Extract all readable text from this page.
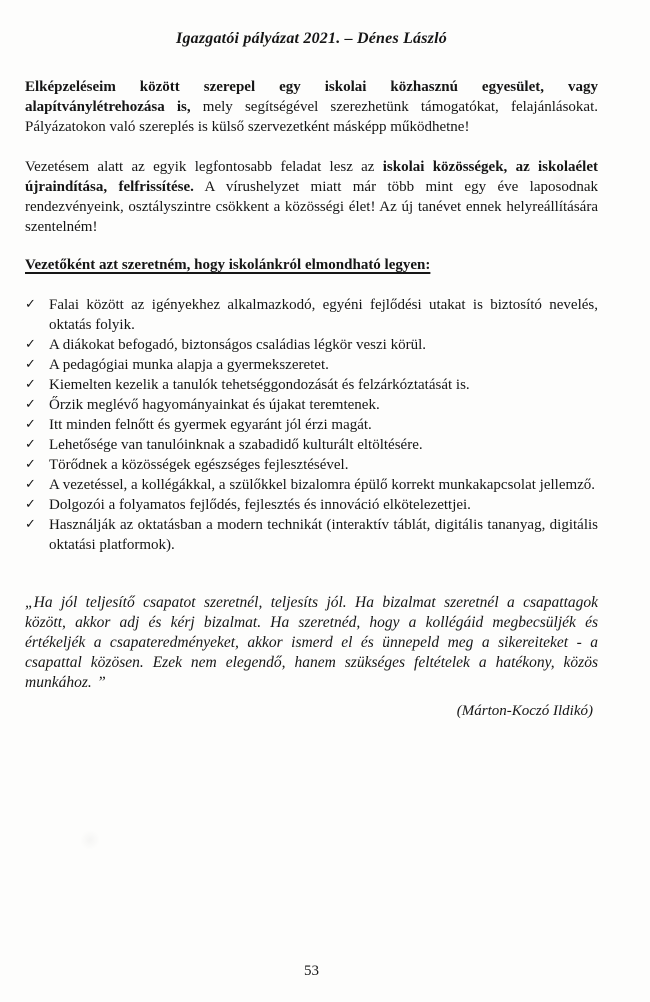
Igazgatói pályázat 2021. – Dénes László

Elképzeléseim között szerepel egy iskolai közhasznú egyesület, vagy alapítványlétrehozása is, mely segítségével szerezhetünk támogatókat, felajánlásokat. Pályázatokon való szereplés is külső szervezetként másképp működhetne!

Vezetésem alatt az egyik legfontosabb feladat lesz az iskolai közösségek, az iskolaélet újraindítása, felfrissítése. A vírushelyzet miatt már több mint egy éve laposodnak rendezvényeink, osztályszintre csökkent a közösségi élet! Az új tanévet ennek helyreállítására szentelném!

Vezetőként azt szeretném, hogy iskolánkról elmondható legyen:

✓ Falai között az igényekhez alkalmazkodó, egyéni fejlődési utakat is biztosító nevelés, oktatás folyik.
✓ A diákokat befogadó, biztonságos családias légkör veszi körül.
✓ A pedagógiai munka alapja a gyermekszeretet.
✓ Kiemelten kezelik a tanulók tehetséggondozását és felzárkóztatását is.
✓ Őrzik meglévő hagyományainkat és újakat teremtenek.
✓ Itt minden felnőtt és gyermek egyaránt jól érzi magát.
✓ Lehetősége van tanulóinknak a szabadidő kulturált eltöltésére.
✓ Törődnek a közösségek egészséges fejlesztésével.
✓ A vezetéssel, a kollégákkal, a szülőkkel bizalomra épülő korrekt munkakapcsolat jellemző.
✓ Dolgozói a folyamatos fejlődés, fejlesztés és innováció elkötelezettjei.
✓ Használják az oktatásban a modern technikát (interaktív táblát, digitális tananyag, digitális oktatási platformok).

„Ha jól teljesítő csapatot szeretnél, teljesíts jól. Ha bizalmat szeretnél a csapattagok között, akkor adj és kérj bizalmat. Ha szeretnéd, hogy a kollégáid megbecsüljék és értékeljék a csapateredményeket, akkor ismerd el és ünnepeld meg a sikereiteket - a csapattal közösen. Ezek nem elegendő, hanem szükséges feltételek a hatékony, közös munkához. ”

(Márton-Koczó Ildikó)

53
